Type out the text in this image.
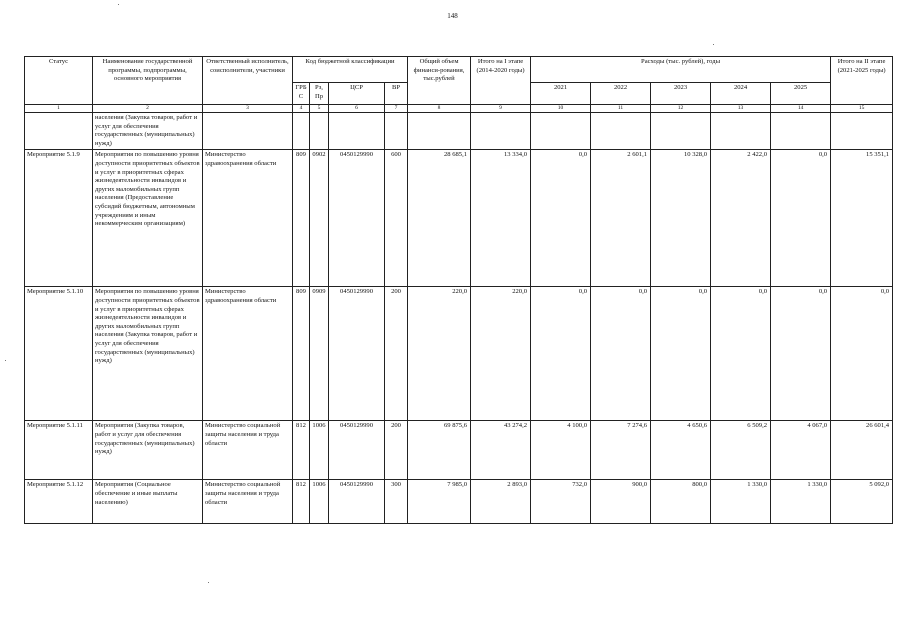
148
Статус	Наименование государственной программы, подпрограммы, основного мероприятия	Ответственный исполнитель, соисполнители, участники	Код бюджетной классификации				Общий объем финанси-рования, тыс.рублей	Итого на I этапе (2014-2020 годы)	Расходы (тыс. рублей), годы					Итого на II этапе (2021-2025 годы)
			ГРБ С	Рз, Пр	ЦСР	ВР			2021	2022	2023	2024	2025	
1	2	3	4	5	6	7	8	9	10	11	12	13	14	15
	населения (Закупка товаров, работ и услуг для обеспечения государственных (муниципальных) нужд)													
Мероприятие 5.1.9	Мероприятия по повышению уровня доступности приоритетных объектов и услуг в приоритетных сферах жизнедеятельности инвалидов и других маломобильных групп населения (Предоставление субсидий бюджетным, автономным учреждениям и иным некоммерческим организациям)	Министерство здравоохранения области	809	0902	0450129990	600	28 685,1	13 334,0	0,0	2 601,1	10 328,0	2 422,0	0,0	15 351,1
Мероприятие 5.1.10	Мероприятия по повышению уровня доступности приоритетных объектов и услуг в приоритетных сферах жизнедеятельности инвалидов и других маломобильных групп населения (Закупка товаров, работ и услуг для обеспечения государственных (муниципальных) нужд)	Министерство здравоохранения области	809	0909	0450129990	200	220,0	220,0	0,0	0,0	0,0	0,0	0,0	0,0
Мероприятие 5.1.11	Мероприятия (Закупка товаров, работ и услуг для обеспечения государственных (муниципальных) нужд)	Министерство социальной защиты населения и труда области	812	1006	0450129990	200	69 875,6	43 274,2	4 100,0	7 274,6	4 650,6	6 509,2	4 067,0	26 601,4
Мероприятие 5.1.12	Мероприятия (Социальное обеспечение и иные выплаты населению)	Министерство социальной защиты населения и труда области	812	1006	0450129990	300	7 985,0	2 893,0	732,0	900,0	800,0	1 330,0	1 330,0	5 092,0
